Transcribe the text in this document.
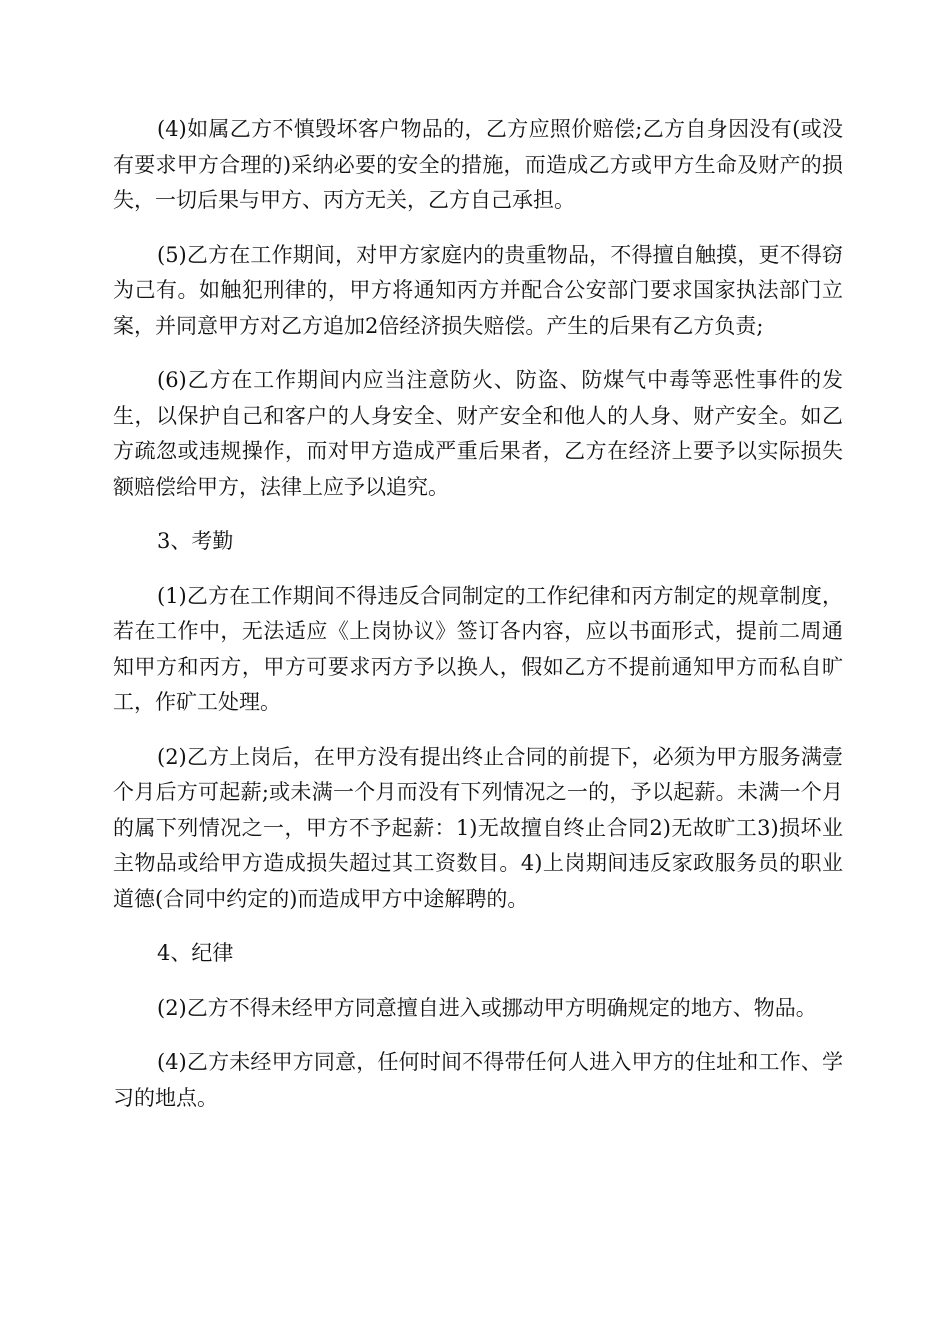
(4)如属乙方不慎毁坏客户物品的，乙方应照价赔偿;乙方自身因没有(或没有要求甲方合理的)采纳必要的安全的措施，而造成乙方或甲方生命及财产的损失，一切后果与甲方、丙方无关，乙方自己承担。

(5)乙方在工作期间，对甲方家庭内的贵重物品，不得擅自触摸，更不得窃为己有。如触犯刑律的，甲方将通知丙方并配合公安部门要求国家执法部门立案，并同意甲方对乙方追加2倍经济损失赔偿。产生的后果有乙方负责;

(6)乙方在工作期间内应当注意防火、防盗、防煤气中毒等恶性事件的发生，以保护自己和客户的人身安全、财产安全和他人的人身、财产安全。如乙方疏忽或违规操作，而对甲方造成严重后果者，乙方在经济上要予以实际损失额赔偿给甲方，法律上应予以追究。

3、考勤

(1)乙方在工作期间不得违反合同制定的工作纪律和丙方制定的规章制度，若在工作中，无法适应《上岗协议》签订各内容，应以书面形式，提前二周通知甲方和丙方，甲方可要求丙方予以换人，假如乙方不提前通知甲方而私自旷工，作矿工处理。

(2)乙方上岗后，在甲方没有提出终止合同的前提下，必须为甲方服务满壹个月后方可起薪;或未满一个月而没有下列情况之一的，予以起薪。未满一个月的属下列情况之一，甲方不予起薪：1)无故擅自终止合同2)无故旷工3)损坏业主物品或给甲方造成损失超过其工资数目。4)上岗期间违反家政服务员的职业道德(合同中约定的)而造成甲方中途解聘的。

4、纪律

(2)乙方不得未经甲方同意擅自进入或挪动甲方明确规定的地方、物品。

(4)乙方未经甲方同意，任何时间不得带任何人进入甲方的住址和工作、学习的地点。
